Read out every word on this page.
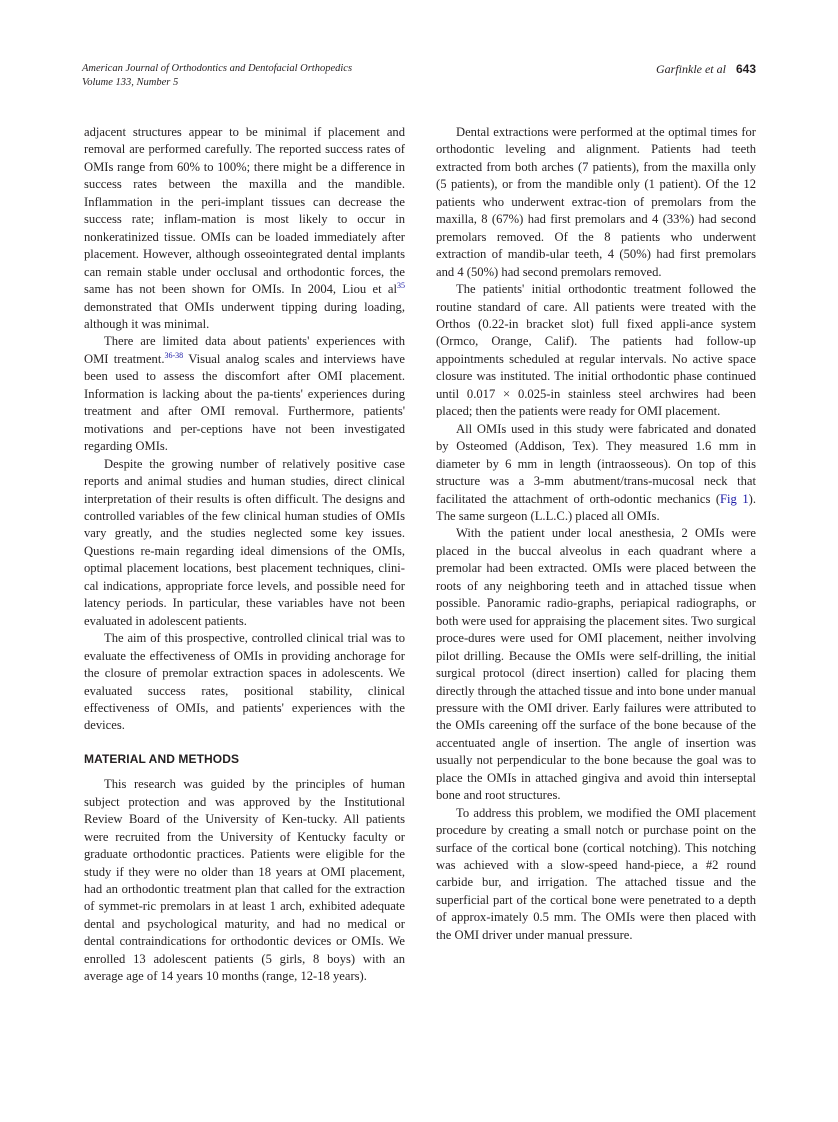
American Journal of Orthodontics and Dentofacial Orthopedics
Volume 133, Number 5
Garfinkle et al 643

adjacent structures appear to be minimal if placement and removal are performed carefully. The reported success rates of OMIs range from 60% to 100%; there might be a difference in success rates between the maxilla and the mandible. Inflammation in the peri-implant tissues can decrease the success rate; inflam-mation is most likely to occur in nonkeratinized tissue. OMIs can be loaded immediately after placement. However, although osseointegrated dental implants can remain stable under occlusal and orthodontic forces, the same has not been shown for OMIs. In 2004, Liou et $al^{35}$ demonstrated that OMIs underwent tipping during loading, although it was minimal.

There are limited data about patients' experiences with OMI treatment.$^{36-38}$ Visual analog scales and interviews have been used to assess the discomfort after OMI placement. Information is lacking about the pa-tients' experiences during treatment and after OMI removal. Furthermore, patients' motivations and per-ceptions have not been investigated regarding OMIs.

Despite the growing number of relatively positive case reports and animal studies and human studies, direct clinical interpretation of their results is often difficult. The designs and controlled variables of the few clinical human studies of OMIs vary greatly, and the studies neglected some key issues. Questions re-main regarding ideal dimensions of the OMIs, optimal placement locations, best placement techniques, clini-cal indications, appropriate force levels, and possible need for latency periods. In particular, these variables have not been evaluated in adolescent patients.

The aim of this prospective, controlled clinical trial was to evaluate the effectiveness of OMIs in providing anchorage for the closure of premolar extraction spaces in adolescents. We evaluated success rates, positional stability, clinical effectiveness of OMIs, and patients' experiences with the devices.

MATERIAL AND METHODS

This research was guided by the principles of human subject protection and was approved by the Institutional Review Board of the University of Ken-tucky. All patients were recruited from the University of Kentucky faculty or graduate orthodontic practices. Patients were eligible for the study if they were no older than 18 years at OMI placement, had an orthodontic treatment plan that called for the extraction of symmet-ric premolars in at least 1 arch, exhibited adequate dental and psychological maturity, and had no medical or dental contraindications for orthodontic devices or OMIs. We enrolled 13 adolescent patients (5 girls, 8 boys) with an average age of 14 years 10 months (range, 12-18 years).

Dental extractions were performed at the optimal times for orthodontic leveling and alignment. Patients had teeth extracted from both arches (7 patients), from the maxilla only (5 patients), or from the mandible only (1 patient). Of the 12 patients who underwent extrac-tion of premolars from the maxilla, 8 (67%) had first premolars and 4 (33%) had second premolars removed. Of the 8 patients who underwent extraction of mandib-ular teeth, 4 (50%) had first premolars and 4 (50%) had second premolars removed.

The patients' initial orthodontic treatment followed the routine standard of care. All patients were treated with the Orthos (0.22-in bracket slot) full fixed appli-ance system (Ormco, Orange, Calif). The patients had follow-up appointments scheduled at regular intervals. No active space closure was instituted. The initial orthodontic phase continued until 0.017 × 0.025-in stainless steel archwires had been placed; then the patients were ready for OMI placement.

All OMIs used in this study were fabricated and donated by Osteomed (Addison, Tex). They measured 1.6 mm in diameter by 6 mm in length (intraosseous). On top of this structure was a 3-mm abutment/trans-mucosal neck that facilitated the attachment of orth-odontic mechanics (Fig 1). The same surgeon (L.L.C.) placed all OMIs.

With the patient under local anesthesia, 2 OMIs were placed in the buccal alveolus in each quadrant where a premolar had been extracted. OMIs were placed between the roots of any neighboring teeth and in attached tissue when possible. Panoramic radio-graphs, periapical radiographs, or both were used for appraising the placement sites. Two surgical proce-dures were used for OMI placement, neither involving pilot drilling. Because the OMIs were self-drilling, the initial surgical protocol (direct insertion) called for placing them directly through the attached tissue and into bone under manual pressure with the OMI driver. Early failures were attributed to the OMIs careening off the surface of the bone because of the accentuated angle of insertion. The angle of insertion was usually not perpendicular to the bone because the goal was to place the OMIs in attached gingiva and avoid thin interseptal bone and root structures.

To address this problem, we modified the OMI placement procedure by creating a small notch or purchase point on the surface of the cortical bone (cortical notching). This notching was achieved with a slow-speed hand-piece, a #2 round carbide bur, and irrigation. The attached tissue and the superficial part of the cortical bone were penetrated to a depth of approx-imately 0.5 mm. The OMIs were then placed with the OMI driver under manual pressure.
